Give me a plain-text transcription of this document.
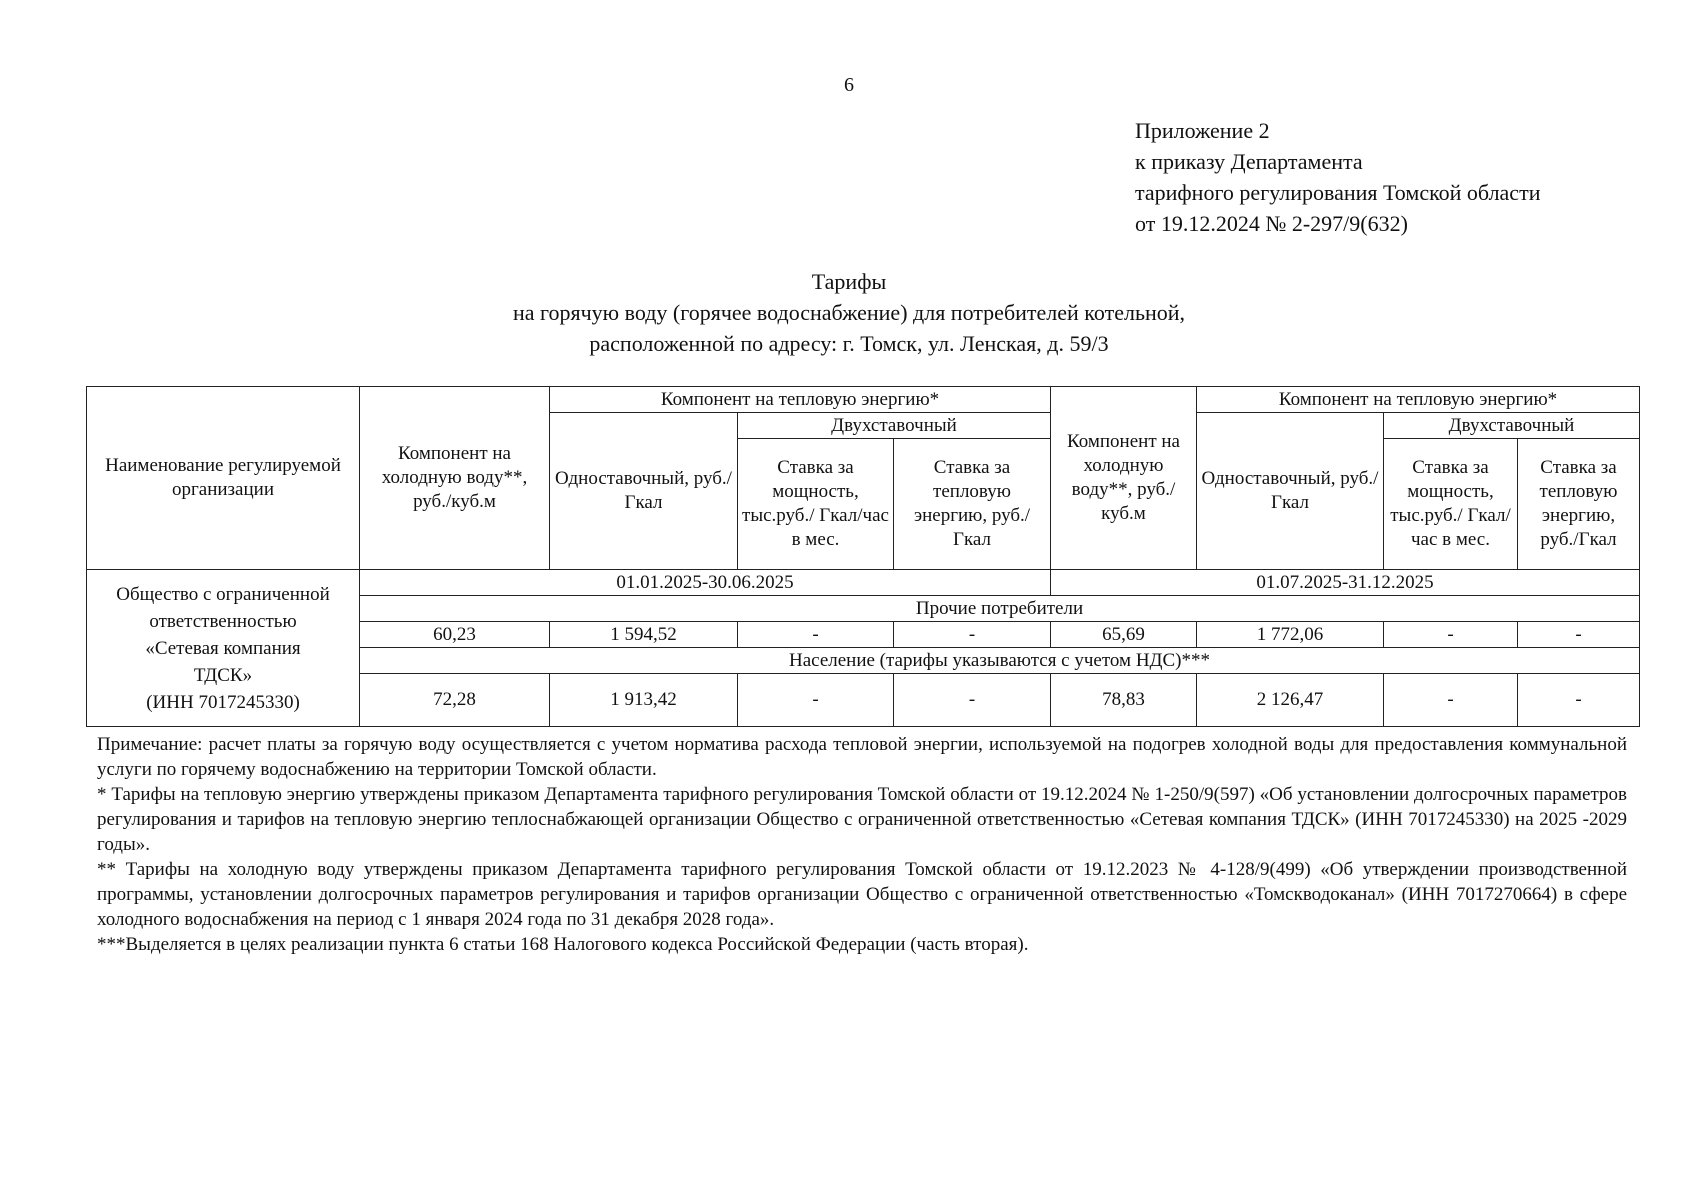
6
Приложение 2
к приказу Департамента
тарифного регулирования Томской области
от 19.12.2024 № 2-297/9(632)
Тарифы
на горячую воду (горячее водоснабжение) для потребителей котельной,
расположенной по адресу: г. Томск, ул. Ленская, д. 59/3
Наименование регулируемой организации	Компонент на холодную воду**, руб./куб.м	Компонент на тепловую энергию*			Компонент на холодную воду**, руб./куб.м	Компонент на тепловую энергию*		
		Одноставочный, руб./Гкал	Двухставочный			Одноставочный, руб./Гкал	Двухставочный	
			Ставка за мощность, тыс.руб./ Гкал/час в мес.	Ставка за тепловую энергию, руб./Гкал			Ставка за мощность, тыс.руб./ Гкал/час в мес.	Ставка за тепловую энергию, руб./Гкал

Общество с ограниченной
ответственностью
«Сетевая компания
ТДСК»
(ИНН 7017245330)	01.01.2025-30.06.2025				01.07.2025-31.12.2025			
	Прочие потребители							
	60,23	1 594,52	-	-	65,69	1 772,06	-	-
	Население (тарифы указываются с учетом НДС)***							
	72,28	1 913,42	-	-	78,83	2 126,47	-	-

Примечание: расчет платы за горячую воду осуществляется с учетом норматива расхода тепловой энергии, используемой на подогрев холодной воды для предоставления коммунальной услуги по горячему водоснабжению на территории Томской области.

* Тарифы на тепловую энергию утверждены приказом Департамента тарифного регулирования Томской области от 19.12.2024 № 1-250/9(597) «Об установлении долгосрочных параметров регулирования и тарифов на тепловую энергию теплоснабжающей организации Общество с ограниченной ответственностью «Сетевая компания ТДСК» (ИНН 7017245330) на 2025 -2029 годы».

** Тарифы на холодную воду утверждены приказом Департамента тарифного регулирования Томской области от 19.12.2023 № 4-128/9(499) «Об утверждении производственной программы, установлении долгосрочных параметров регулирования и тарифов организации Общество с ограниченной ответственностью «Томскводоканал» (ИНН 7017270664) в сфере холодного водоснабжения на период с 1 января 2024 года по 31 декабря 2028 года».

***Выделяется в целях реализации пункта 6 статьи 168 Налогового кодекса Российской Федерации (часть вторая).
